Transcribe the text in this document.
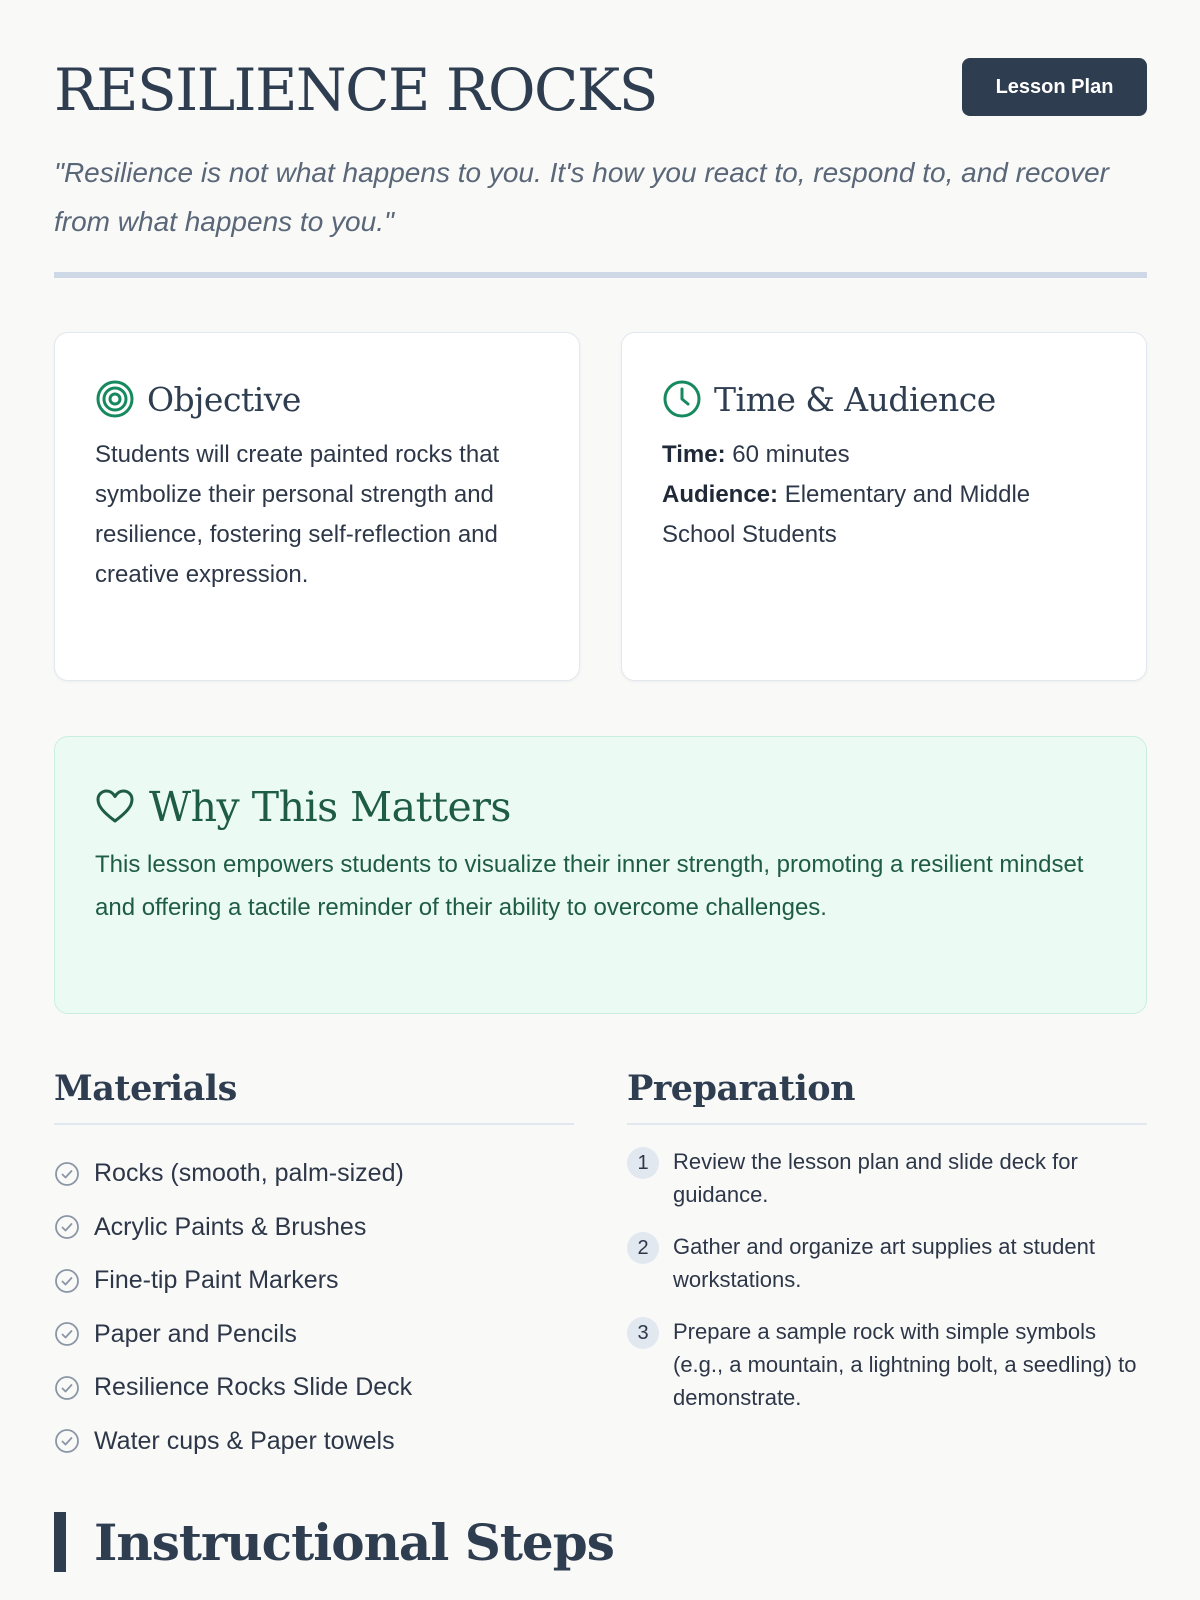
RESILIENCE ROCKS	Lesson Plan

"Resilience is not what happens to you. It's how you react to, respond to, and recover from what happens to you."

Objective

Students will create painted rocks that symbolize their personal strength and resilience, fostering self-reflection and creative expression.

Time & Audience
Time: 60 minutes
Audience: Elementary and Middle School Students
Why This Matters

This lesson empowers students to visualize their inner strength, promoting a resilient mindset and offering a tactile reminder of their ability to overcome challenges.

Materials
Rocks (smooth, palm-sized)
Acrylic Paints & Brushes
Fine-tip Paint Markers
Paper and Pencils
Resilience Rocks Slide Deck
Water cups & Paper towels
Preparation
1	Review the lesson plan and slide deck for guidance.
2	Gather and organize art supplies at student workstations.
3	Prepare a sample rock with simple symbols (e.g., a mountain, a lightning bolt, a seedling) to demonstrate.
Instructional Steps
